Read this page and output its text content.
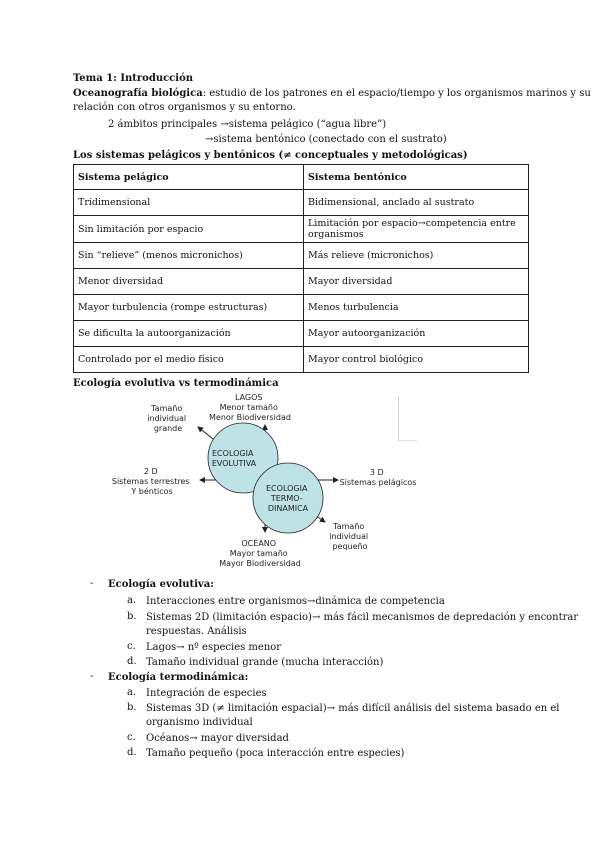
Tema 1: Introducción
Oceanografía biológica: estudio de los patrones en el espacio/tiempo y los organismos marinos y su
relación con otros organismos y su entorno.
2 ámbitos principales →sistema pelágico (“agua libre”)
→sistema bentónico (conectado con el sustrato)
Los sistemas pelágicos y bentónicos (≠ conceptuales y metodológicas)
Sistema pelágico	Sistema bentónico
Tridimensional	Bidimensional, anclado al sustrato
Sin limitación por espacio	Limitación por espacio→competencia entre organismos
Sin “relieve” (menos micronichos)	Más relieve (micronichos)
Menor diversidad	Mayor diversidad
Mayor turbulencia (rompe estructuras)	Menos turbulencia
Se dificulta la autoorganización	Mayor autoorganización
Controlado por el medio físico	Mayor control biológico
Ecología evolutiva vs termodinámica
LAGOS Menor tamaño Menor Biodiversidad
Tamaño individual grande
2 D Sistemas terrestres Y bénticos
3 D Sistemas pelágicos
OCÉANO Mayor tamaño Mayor Biodiversidad
Tamaño individual pequeño
ECOLOGIA EVOLUTIVA
ECOLOGIA TERMO- DINAMICA
- Ecología evolutiva:
a. Interacciones entre organismos→dinámica de competencia
b. Sistemas 2D (limitación espacio)→ más fácil mecanismos de depredación y encontrar
respuestas. Análisis
c. Lagos→ nº especies menor
d. Tamaño individual grande (mucha interacción)
- Ecología termodinámica:
a. Integración de especies
b. Sistemas 3D (≠ limitación espacial)→ más difícil análisis del sistema basado en el
organismo individual
c. Océanos→ mayor diversidad
d. Tamaño pequeño (poca interacción entre especies)
